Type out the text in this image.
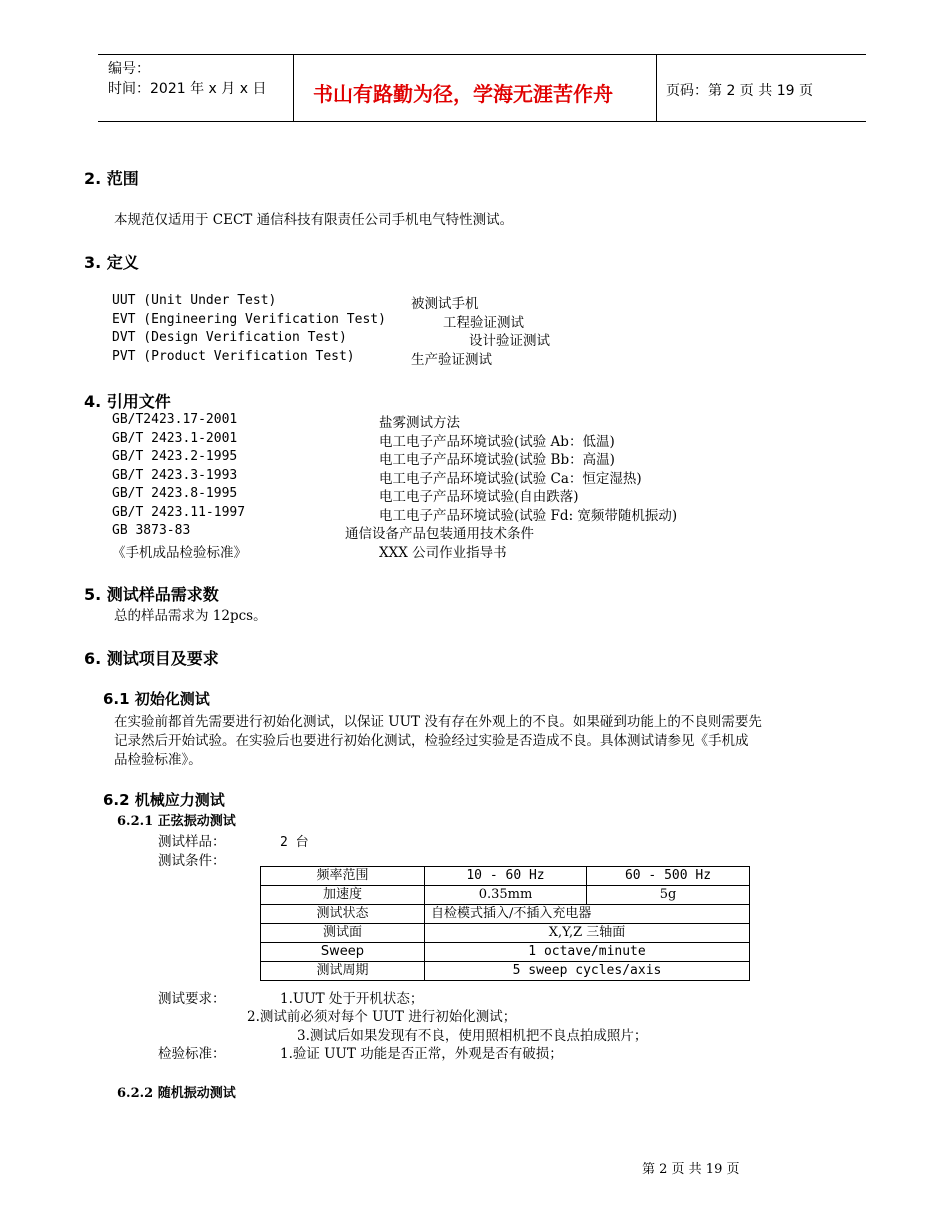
编号：
时间：2021 年 x 月 x 日 书山有路勤为径，学海无涯苦作舟	页码：第 2 页 共 19 页
2. 范围
本规范仅适用于 CECT 通信科技有限责任公司手机电气特性测试。
3. 定义
UUT (Unit Under Test)	被测试手机
EVT (Engineering Verification Test)	工程验证测试
DVT (Design Verification Test)	设计验证测试
PVT (Product Verification Test)	生产验证测试
4. 引用文件
GB/T2423.17-2001	盐雾测试方法
GB/T 2423.1-2001	电工电子产品环境试验(试验 Ab：低温)
GB/T 2423.2-1995	电工电子产品环境试验(试验 Bb：高温)
GB/T 2423.3-1993	电工电子产品环境试验(试验 Ca：恒定湿热)
GB/T 2423.8-1995	电工电子产品环境试验(自由跌落)
GB/T 2423.11-1997	电工电子产品环境试验(试验 Fd: 宽频带随机振动)
GB 3873-83	通信设备产品包装通用技术条件
《手机成品检验标准》	XXX 公司作业指导书
5. 测试样品需求数
总的样品需求为 12pcs。
6. 测试项目及要求
6.1 初始化测试
在实验前都首先需要进行初始化测试，以保证 UUT 没有存在外观上的不良。如果碰到功能上的不良则需要先
记录然后开始试验。在实验后也要进行初始化测试，检验经过实验是否造成不良。具体测试请参见《手机成
品检验标准》。
6.2 机械应力测试
6.2.1 正弦振动测试
测试样品：	2 台
测试条件：
频率范围	10 - 60 Hz	60 - 500 Hz
加速度	0.35mm	5g
测试状态	自检模式插入/不插入充电器	
测试面	X,Y,Z 三轴面	
Sweep	1 octave/minute	
测试周期	5 sweep cycles/axis	
测试要求：	1.UUT 处于开机状态；
2.测试前必须对每个 UUT 进行初始化测试；
3.测试后如果发现有不良，使用照相机把不良点拍成照片；
检验标准：	1.验证 UUT 功能是否正常，外观是否有破损；
6.2.2 随机振动测试
第 2 页 共 19 页
